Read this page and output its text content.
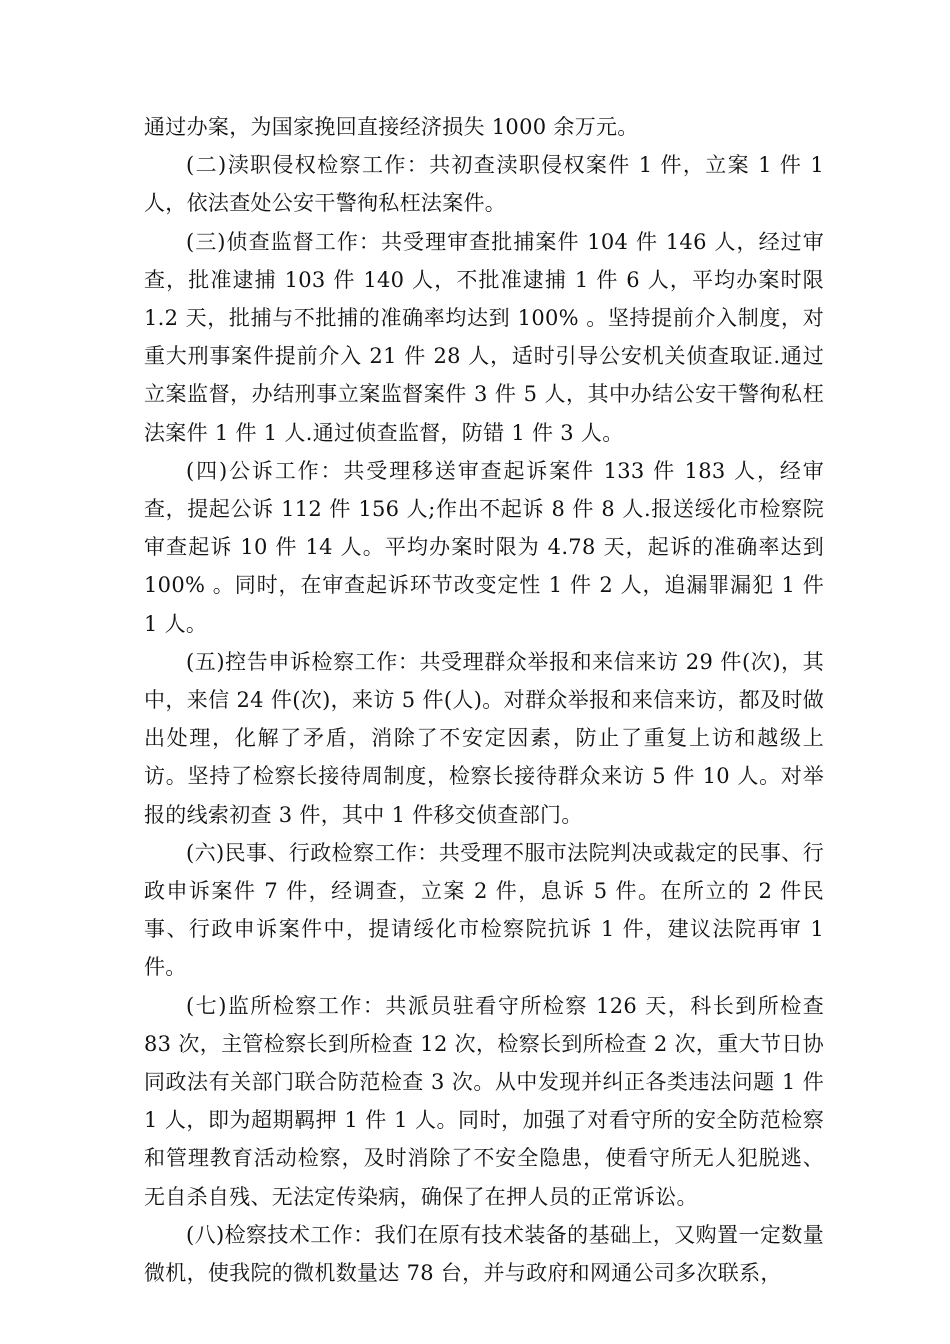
通过办案，为国家挽回直接经济损失 1000 余万元。

(二)渎职侵权检察工作：共初查渎职侵权案件 1 件，立案 1 件 1 人，依法查处公安干警徇私枉法案件。

(三)侦查监督工作：共受理审查批捕案件 104 件 146 人，经过审查，批准逮捕 103 件 140 人，不批准逮捕 1 件 6 人，平均办案时限 1.2 天，批捕与不批捕的准确率均达到 100% 。坚持提前介入制度，对重大刑事案件提前介入 21 件 28 人，适时引导公安机关侦查取证.通过立案监督，办结刑事立案监督案件 3 件 5 人，其中办结公安干警徇私枉法案件 1 件 1 人.通过侦查监督，防错 1 件 3 人。

(四)公诉工作：共受理移送审查起诉案件 133 件 183 人，经审查，提起公诉 112 件 156 人;作出不起诉 8 件 8 人.报送绥化市检察院审查起诉 10 件 14 人。平均办案时限为 4.78 天，起诉的准确率达到 100% 。同时，在审查起诉环节改变定性 1 件 2 人，追漏罪漏犯 1 件 1 人。

(五)控告申诉检察工作：共受理群众举报和来信来访 29 件(次)，其中，来信 24 件(次)，来访 5 件(人)。对群众举报和来信来访，都及时做出处理，化解了矛盾，消除了不安定因素，防止了重复上访和越级上访。坚持了检察长接待周制度，检察长接待群众来访 5 件 10 人。对举报的线索初查 3 件，其中 1 件移交侦查部门。

(六)民事、行政检察工作：共受理不服市法院判决或裁定的民事、行政申诉案件 7 件，经调查，立案 2 件，息诉 5 件。在所立的 2 件民事、行政申诉案件中，提请绥化市检察院抗诉 1 件，建议法院再审 1 件。

(七)监所检察工作：共派员驻看守所检察 126 天，科长到所检查 83 次，主管检察长到所检查 12 次，检察长到所检查 2 次，重大节日协同政法有关部门联合防范检查 3 次。从中发现并纠正各类违法问题 1 件 1 人，即为超期羁押 1 件 1 人。同时，加强了对看守所的安全防范检察和管理教育活动检察，及时消除了不安全隐患，使看守所无人犯脱逃、无自杀自残、无法定传染病，确保了在押人员的正常诉讼。

(八)检察技术工作：我们在原有技术装备的基础上，又购置一定数量微机，使我院的微机数量达 78 台，并与政府和网通公司多次联系，
